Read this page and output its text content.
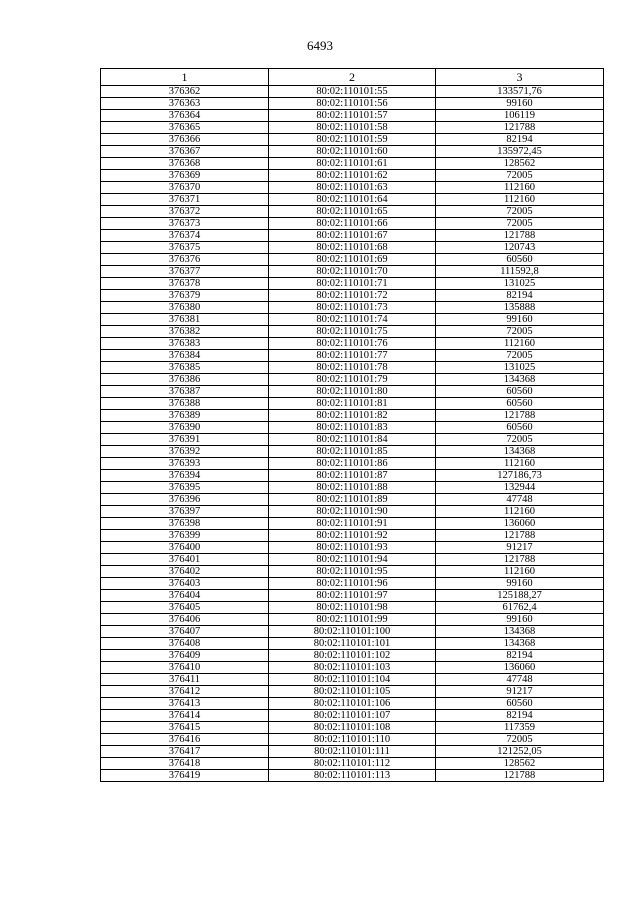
6493
1	2	3
376362	80:02:110101:55	133571,76
376363	80:02:110101:56	99160
376364	80:02:110101:57	106119
376365	80:02:110101:58	121788
376366	80:02:110101:59	82194
376367	80:02:110101:60	135972,45
376368	80:02:110101:61	128562
376369	80:02:110101:62	72005
376370	80:02:110101:63	112160
376371	80:02:110101:64	112160
376372	80:02:110101:65	72005
376373	80:02:110101:66	72005
376374	80:02:110101:67	121788
376375	80:02:110101:68	120743
376376	80:02:110101:69	60560
376377	80:02:110101:70	111592,8
376378	80:02:110101:71	131025
376379	80:02:110101:72	82194
376380	80:02:110101:73	135888
376381	80:02:110101:74	99160
376382	80:02:110101:75	72005
376383	80:02:110101:76	112160
376384	80:02:110101:77	72005
376385	80:02:110101:78	131025
376386	80:02:110101:79	134368
376387	80:02:110101:80	60560
376388	80:02:110101:81	60560
376389	80:02:110101:82	121788
376390	80:02:110101:83	60560
376391	80:02:110101:84	72005
376392	80:02:110101:85	134368
376393	80:02:110101:86	112160
376394	80:02:110101:87	127186,73
376395	80:02:110101:88	132944
376396	80:02:110101:89	47748
376397	80:02:110101:90	112160
376398	80:02:110101:91	136060
376399	80:02:110101:92	121788
376400	80:02:110101:93	91217
376401	80:02:110101:94	121788
376402	80:02:110101:95	112160
376403	80:02:110101:96	99160
376404	80:02:110101:97	125188,27
376405	80:02:110101:98	61762,4
376406	80:02:110101:99	99160
376407	80:02:110101:100	134368
376408	80:02:110101:101	134368
376409	80:02:110101:102	82194
376410	80:02:110101:103	136060
376411	80:02:110101:104	47748
376412	80:02:110101:105	91217
376413	80:02:110101:106	60560
376414	80:02:110101:107	82194
376415	80:02:110101:108	117359
376416	80:02:110101:110	72005
376417	80:02:110101:111	121252,05
376418	80:02:110101:112	128562
376419	80:02:110101:113	121788
